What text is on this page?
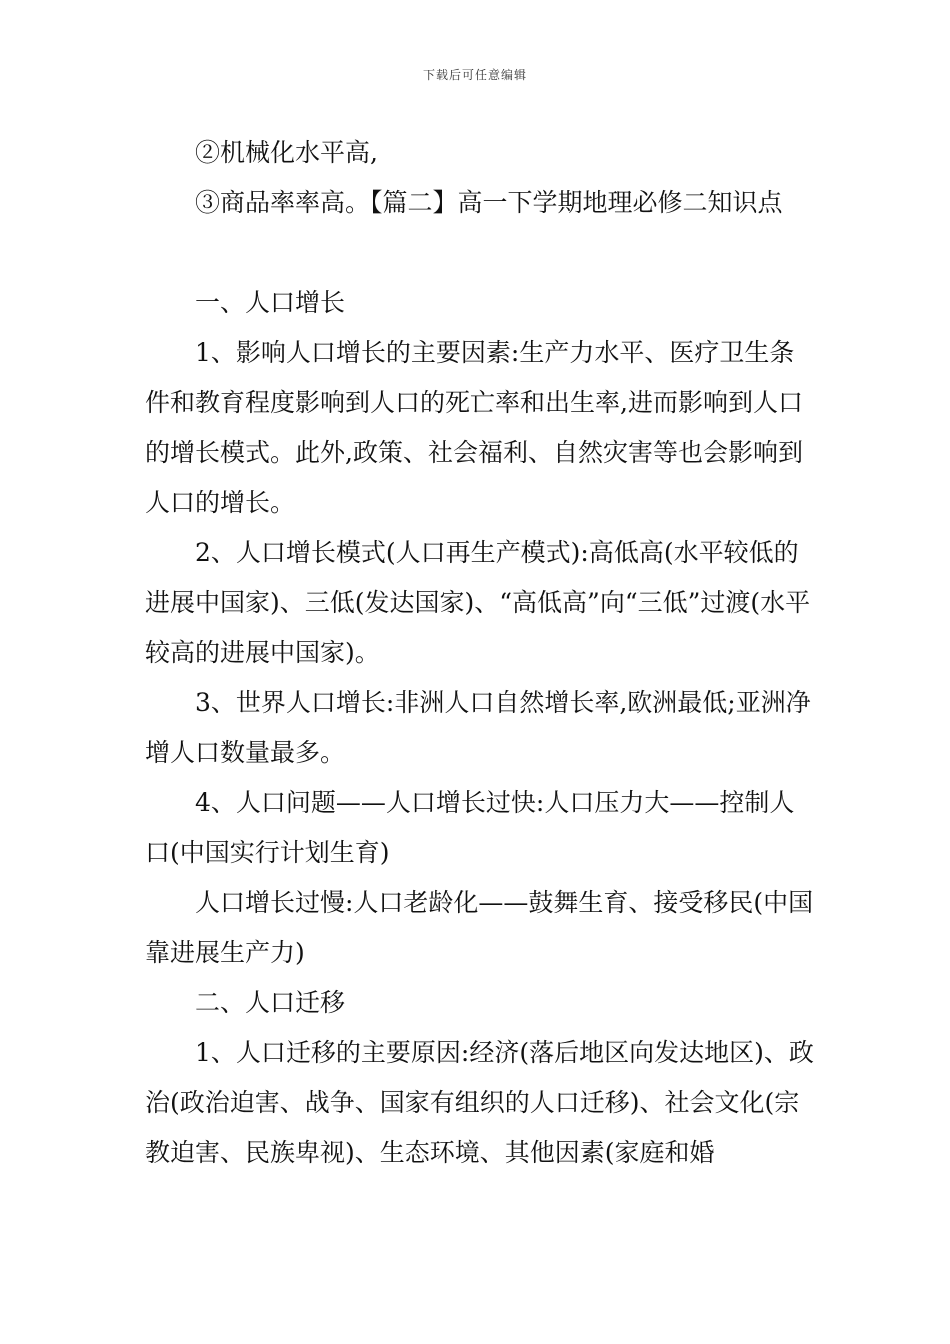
下载后可任意编辑

②机械化水平高,

③商品率率高。【篇二】高一下学期地理必修二知识点

一、人口增长

1、影响人口增长的主要因素:生产力水平、医疗卫生条件和教育程度影响到人口的死亡率和出生率,进而影响到人口的增长模式。此外,政策、社会福利、自然灾害等也会影响到人口的增长。

2、人口增长模式(人口再生产模式):高低高(水平较低的进展中国家)、三低(发达国家)、“高低高”向“三低”过渡(水平较高的进展中国家)。

3、世界人口增长:非洲人口自然增长率,欧洲最低;亚洲净增人口数量最多。

4、人口问题——人口增长过快:人口压力大——控制人口(中国实行计划生育)

人口增长过慢:人口老龄化——鼓舞生育、接受移民(中国靠进展生产力)

二、人口迁移

1、人口迁移的主要原因:经济(落后地区向发达地区)、政治(政治迫害、战争、国家有组织的人口迁移)、社会文化(宗教迫害、民族卑视)、生态环境、其他因素(家庭和婚
